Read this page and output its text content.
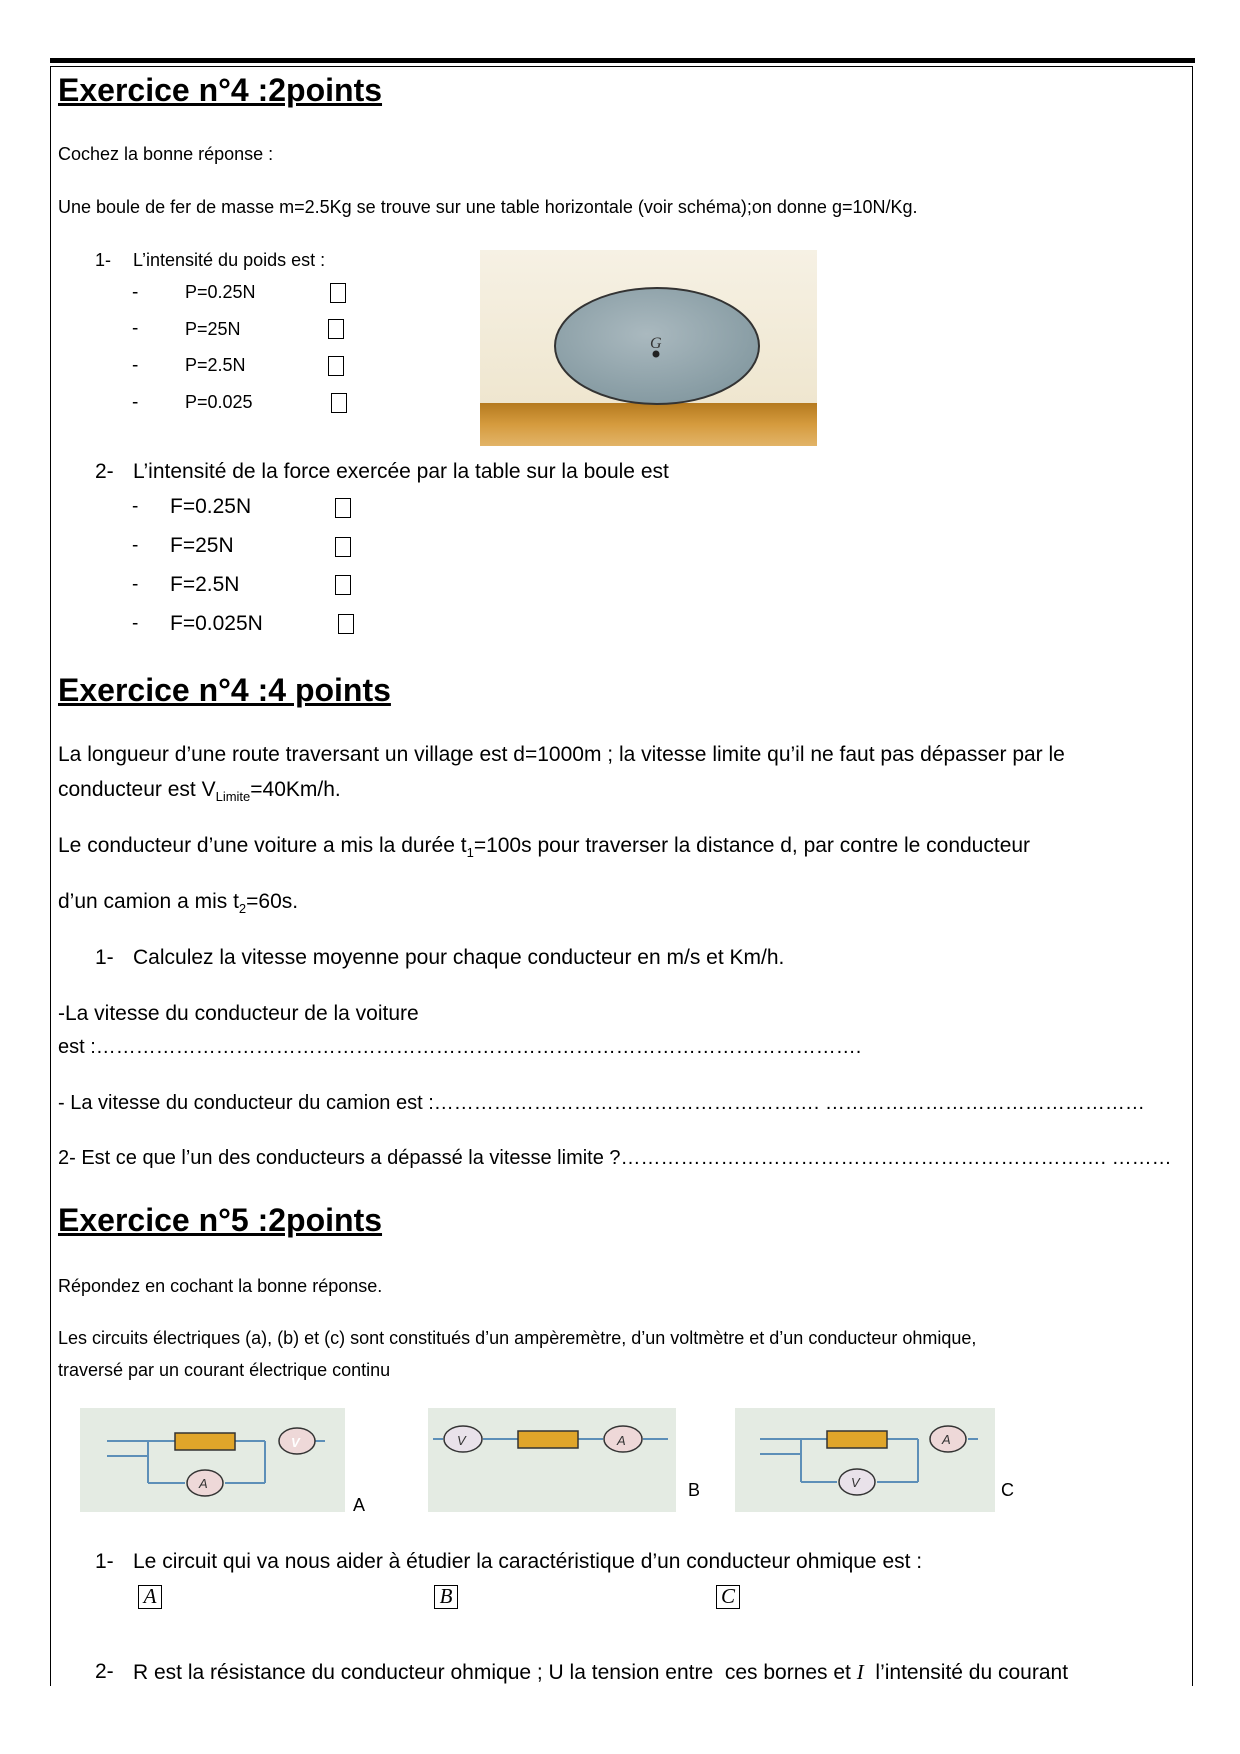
Exercice n°4 :2points
Cochez la bonne réponse :
Une boule de fer de masse m=2.5Kg se trouve sur une table horizontale (voir schéma);on donne g=10N/Kg.
1- L’intensité du poids est :
-	P=0.25N
-	P=25N
-	P=2.5N
-	P=0.025
G
2- L’intensité de la force exercée par la table sur la boule est
- F=0.25N
- F=25N
- F=2.5N
- F=0.025N
Exercice n°4 :4 points
La longueur d’une route traversant un village est d=1000m ; la vitesse limite qu’il ne faut pas dépasser par le
conducteur est $V_{Limite}=40Km/h$.
Le conducteur d’une voiture a mis la durée $t_1=100s$ pour traverser la distance d, par contre le conducteur
d’un camion a mis $t_2=60s$.
1- Calculez la vitesse moyenne pour chaque conducteur en m/s et Km/h.
-La vitesse du conducteur de la voiture
est :…………………………………………………………………………………………………….
- La vitesse du conducteur du camion est :…………………………………………………. …………………………………………
2- Est ce que l’un des conducteurs a dépassé la vitesse limite ?………………………………………………………………. ………
Exercice n°5 :2points
Répondez en cochant la bonne réponse.
Les circuits électriques (a), (b) et (c) sont constitués d’un ampèremètre, d’un voltmètre et d’un conducteur ohmique,
traversé par un courant électrique continu
V
A
A
V	A
B
A
V	C
1- Le circuit qui va nous aider à étudier la caractéristique d’un conducteur ohmique est :
A	B	C
2- R est la résistance du conducteur ohmique ; U la tension entre  ces bornes et I  l’intensité du courant
